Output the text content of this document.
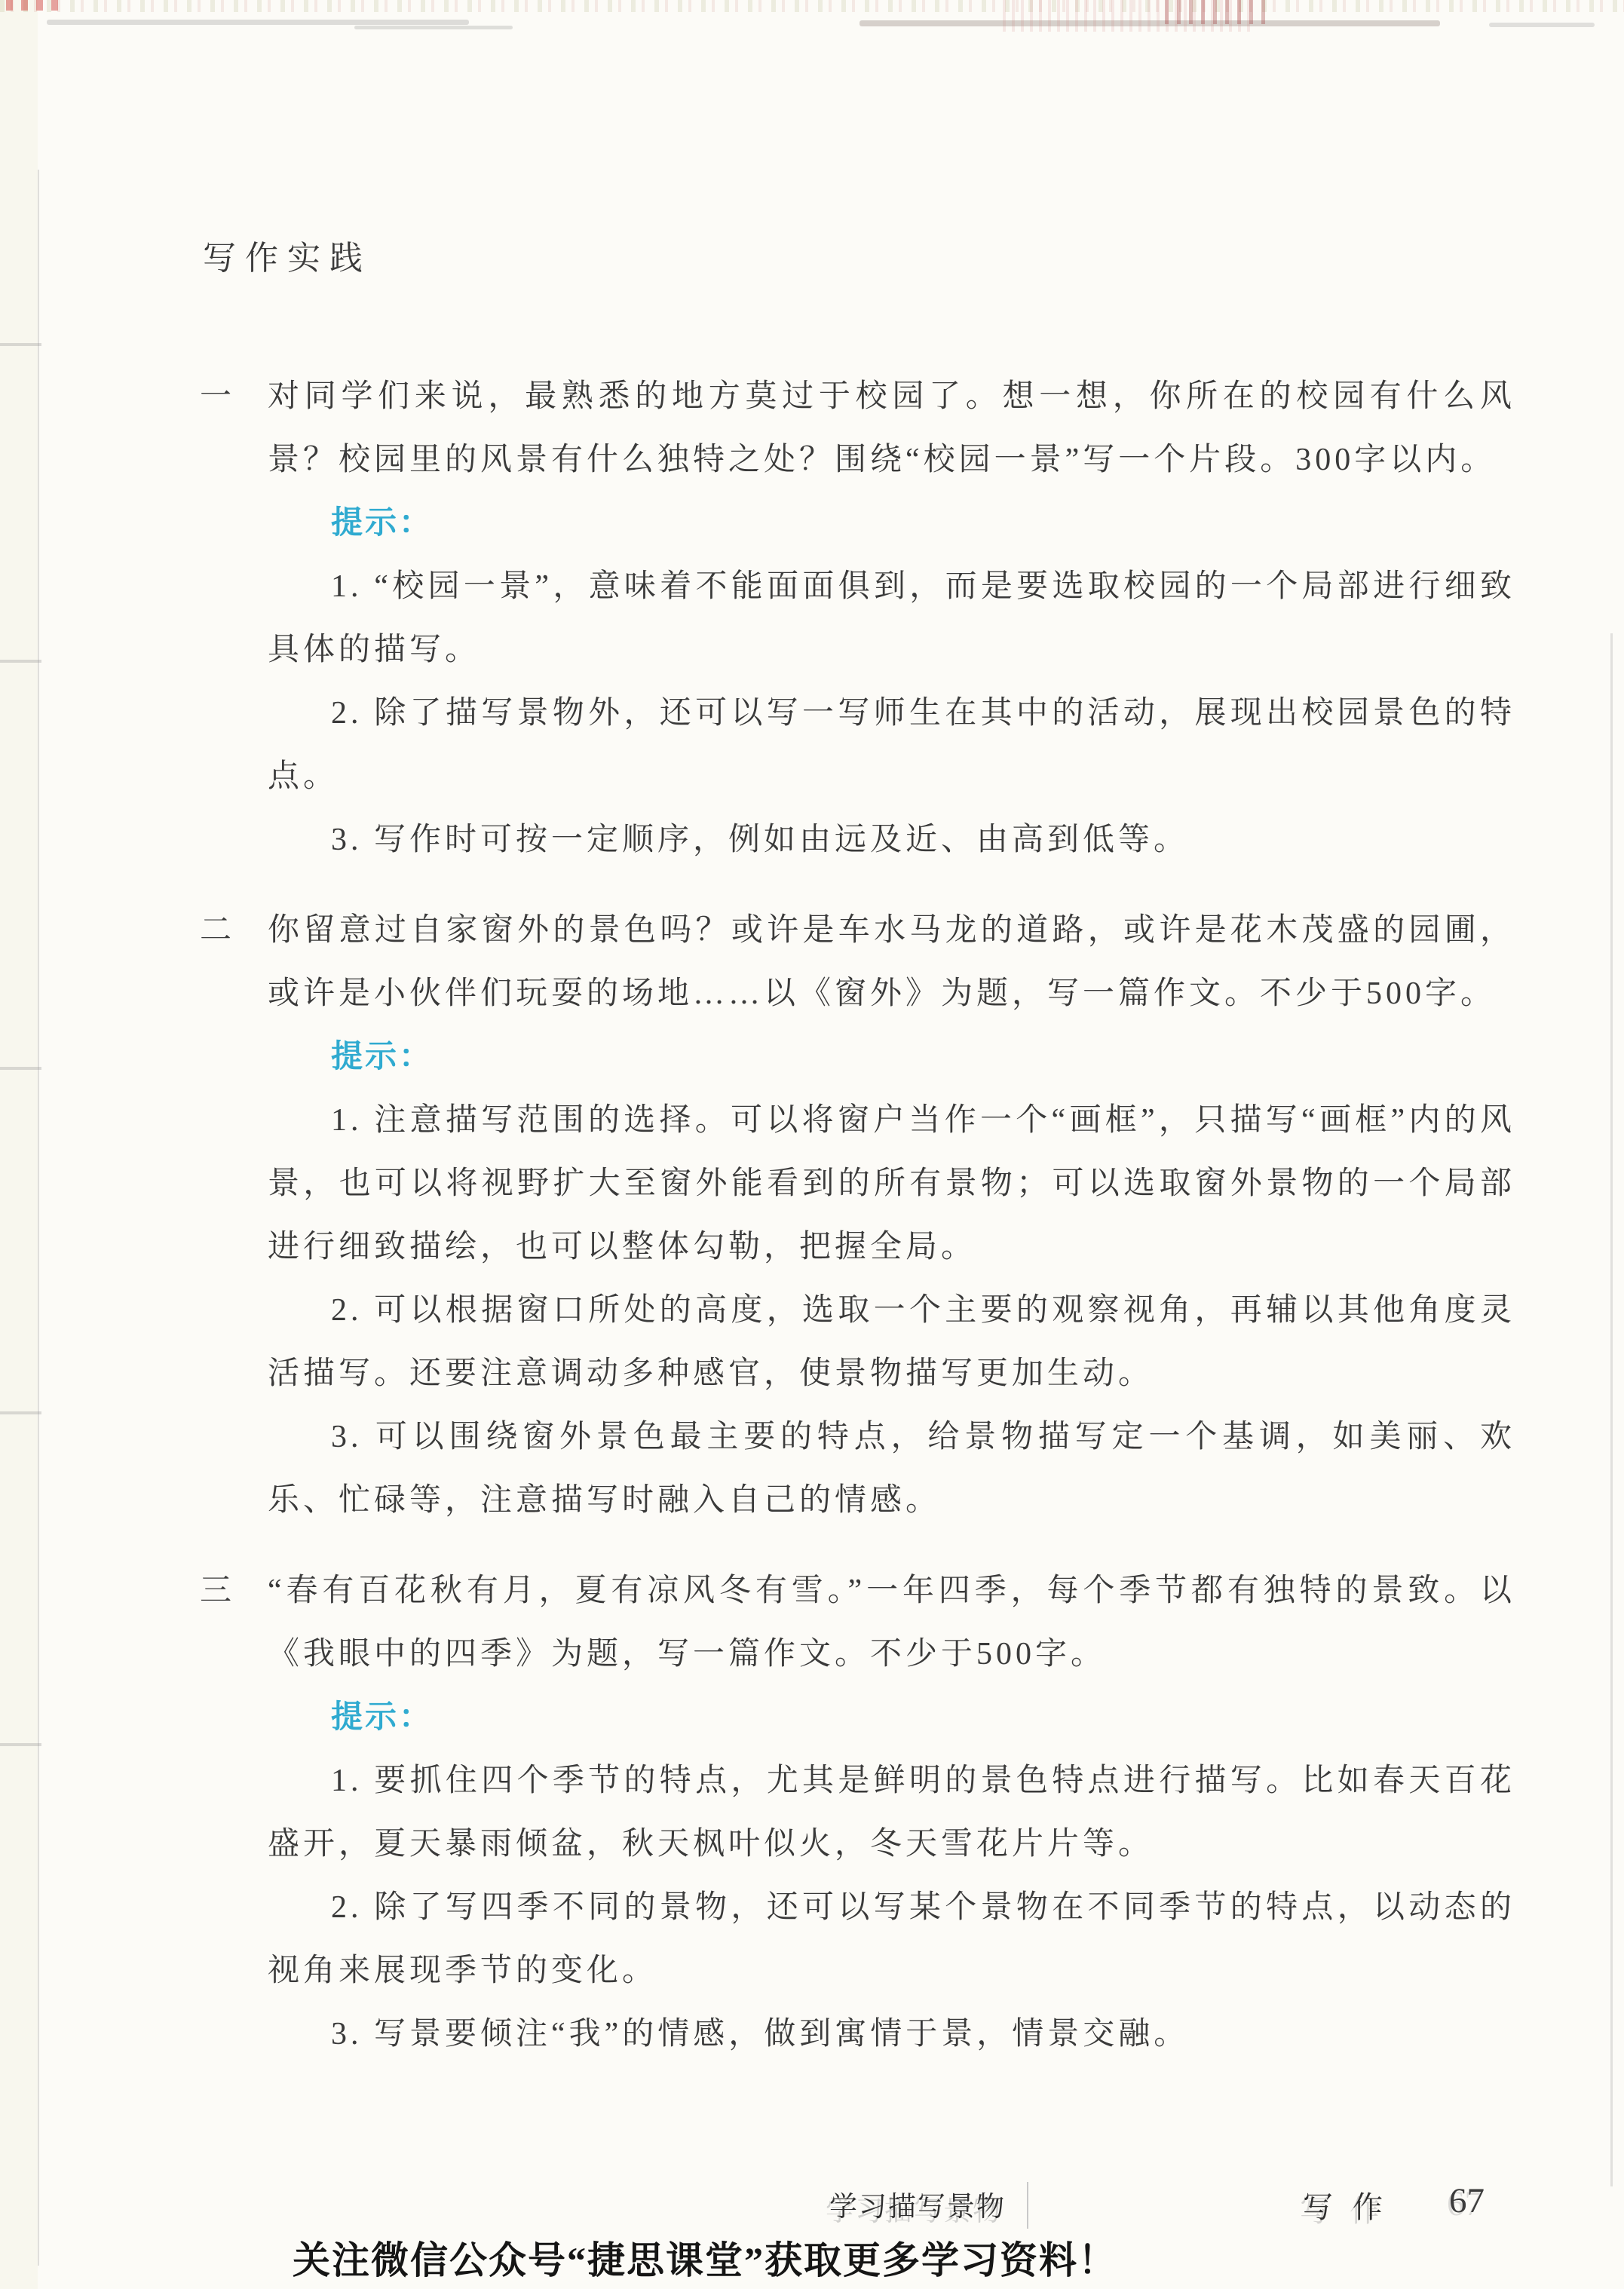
写作实践
一	对同学们来说，最熟悉的地方莫过于校园了。想一想，你所在的校园有什么风景？校园里的风景有什么独特之处？围绕“校园一景”写一个片段。300字以内。

提示：

1. “校园一景”，意味着不能面面俱到，而是要选取校园的一个局部进行细致具体的描写。

2. 除了描写景物外，还可以写一写师生在其中的活动，展现出校园景色的特点。

3. 写作时可按一定顺序，例如由远及近、由高到低等。

二	你留意过自家窗外的景色吗？或许是车水马龙的道路，或许是花木茂盛的园圃，或许是小伙伴们玩耍的场地……以《窗外》为题，写一篇作文。不少于500字。

提示：

1. 注意描写范围的选择。可以将窗户当作一个“画框”，只描写“画框”内的风景，也可以将视野扩大至窗外能看到的所有景物；可以选取窗外景物的一个局部进行细致描绘，也可以整体勾勒，把握全局。

2. 可以根据窗口所处的高度，选取一个主要的观察视角，再辅以其他角度灵活描写。还要注意调动多种感官，使景物描写更加生动。

3. 可以围绕窗外景色最主要的特点，给景物描写定一个基调，如美丽、欢乐、忙碌等，注意描写时融入自己的情感。

三	“春有百花秋有月，夏有凉风冬有雪。”一年四季，每个季节都有独特的景致。以《我眼中的四季》为题，写一篇作文。不少于500字。

提示：

1. 要抓住四个季节的特点，尤其是鲜明的景色特点进行描写。比如春天百花盛开，夏天暴雨倾盆，秋天枫叶似火，冬天雪花片片等。

2. 除了写四季不同的景物，还可以写某个景物在不同季节的特点，以动态的视角来展现季节的变化。

3. 写景要倾注“我”的情感，做到寓情于景，情景交融。

学习描写景物	写作 67
关注微信公众号“捷思课堂”获取更多学习资料！
